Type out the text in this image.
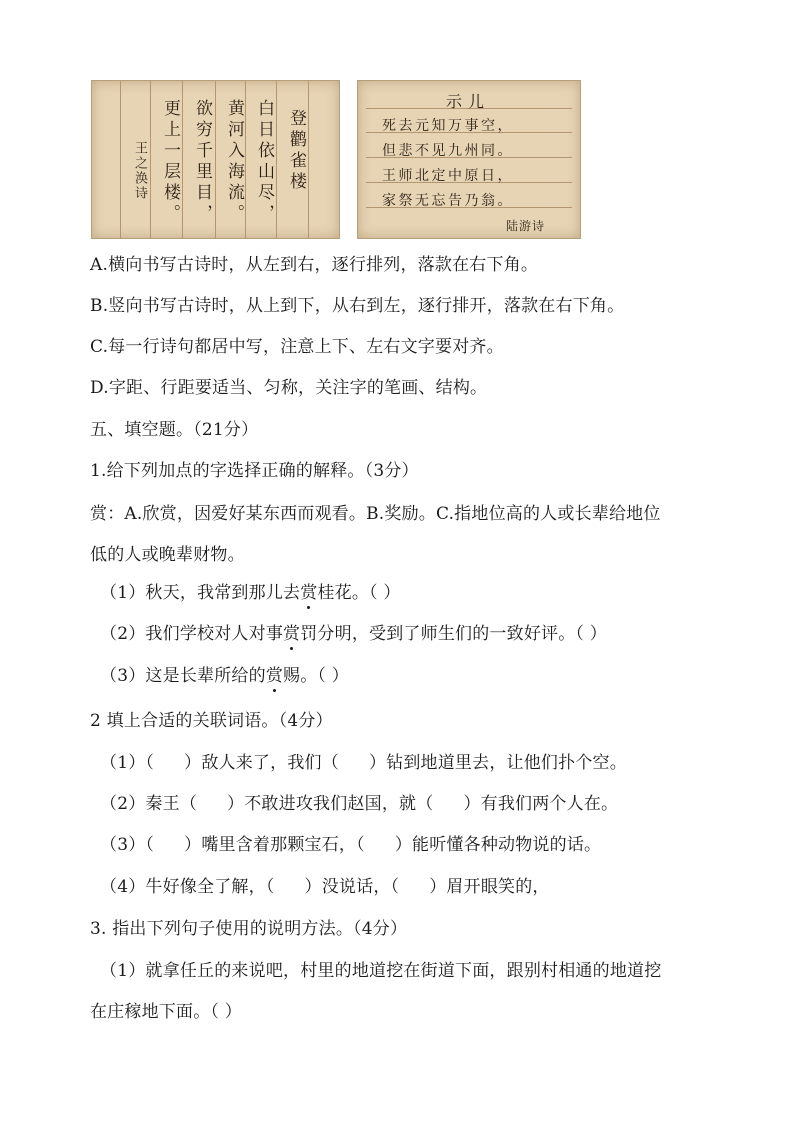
登鹳雀楼
白日依山尽，
黄河入海流。
欲穷千里目，
更上一层楼。
王之涣诗
示儿
死去元知万事空，
但悲不见九州同。
王师北定中原日，
家祭无忘告乃翁。
陆游诗
A.横向书写古诗时，从左到右，逐行排列，落款在右下角。
B.竖向书写古诗时，从上到下，从右到左，逐行排开，落款在右下角。
C.每一行诗句都居中写，注意上下、左右文字要对齐。
D.字距、行距要适当、匀称，关注字的笔画、结构。
五、填空题。（21分）
1.给下列加点的字选择正确的解释。（3分）
赏：A.欣赏，因爱好某东西而观看。B.奖励。C.指地位高的人或长辈给地位
低的人或晚辈财物。
（1）秋天，我常到那儿去赏桂花。（ ）
（2）我们学校对人对事赏罚分明，受到了师生们的一致好评。（ ）
（3）这是长辈所给的赏赐。（ ）
2 填上合适的关联词语。（4分）
（1）（ ）敌人来了，我们（ ）钻到地道里去，让他们扑个空。
（2）秦王（ ）不敢进攻我们赵国，就（ ）有我们两个人在。
（3）（ ）嘴里含着那颗宝石，（ ）能听懂各种动物说的话。
（4）牛好像全了解，（ ）没说话，（ ）眉开眼笑的，
3. 指出下列句子使用的说明方法。（4分）
（1）就拿任丘的来说吧，村里的地道挖在街道下面，跟别村相通的地道挖
在庄稼地下面。（ ）
